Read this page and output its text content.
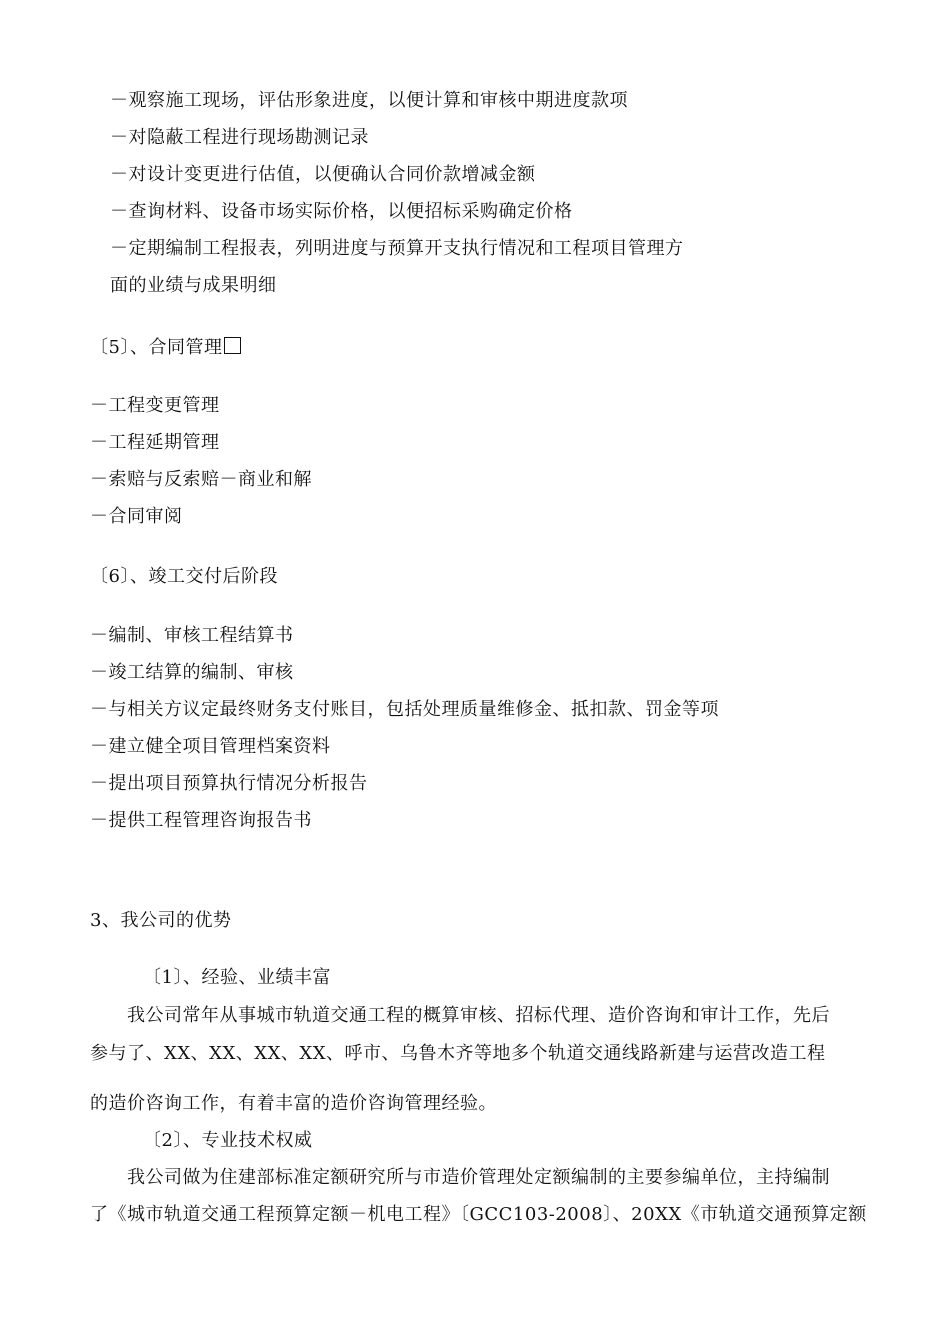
－观察施工现场，评估形象进度，以便计算和审核中期进度款项
－对隐蔽工程进行现场勘测记录
－对设计变更进行估值，以便确认合同价款增减金额
－查询材料、设备市场实际价格，以便招标采购确定价格
－定期编制工程报表，列明进度与预算开支执行情况和工程项目管理方
面的业绩与成果明细
〔5〕、合同管理
－工程变更管理
－工程延期管理
－索赔与反索赔－商业和解
－合同审阅
〔6〕、竣工交付后阶段
－编制、审核工程结算书
－竣工结算的编制、审核
－与相关方议定最终财务支付账目，包括处理质量维修金、抵扣款、罚金等项
－建立健全项目管理档案资料
－提出项目预算执行情况分析报告
－提供工程管理咨询报告书
3、我公司的优势
〔1〕、经验、业绩丰富
我公司常年从事城市轨道交通工程的概算审核、招标代理、造价咨询和审计工作，先后
参与了、XX、XX、XX、XX、呼市、乌鲁木齐等地多个轨道交通线路新建与运营改造工程
的造价咨询工作，有着丰富的造价咨询管理经验。
〔2〕、专业技术权威
我公司做为住建部标准定额研究所与市造价管理处定额编制的主要参编单位，主持编制
了《城市轨道交通工程预算定额－机电工程》〔GCC103-2008〕、20XX《市轨道交通预算定额
